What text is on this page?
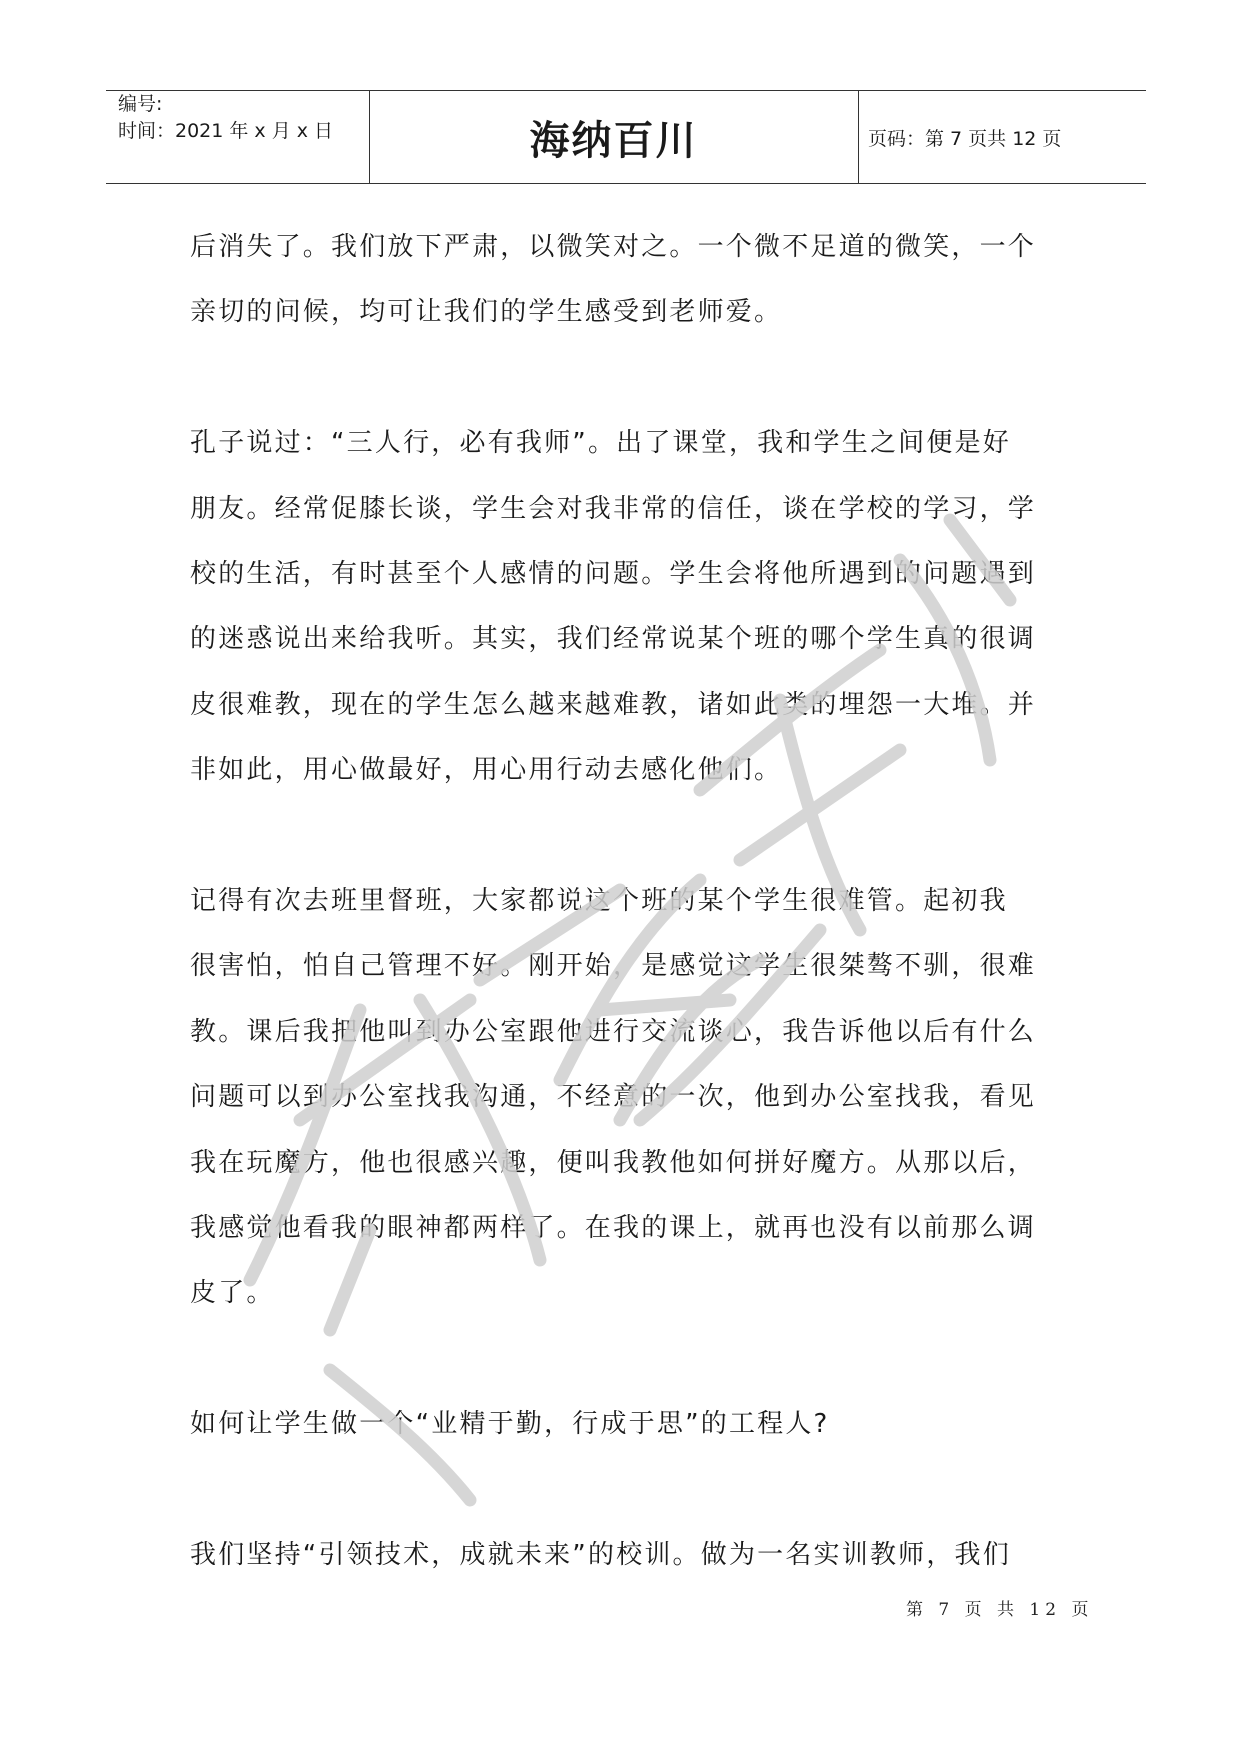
编号:
时间：2021 年 x 月 x 日	海纳百川	页码：第 7 页共 12 页

后消失了。我们放下严肃，以微笑对之。一个微不足道的微笑，一个

亲切的问候，均可让我们的学生感受到老师爱。

孔子说过：“三人行，必有我师”。出了课堂，我和学生之间便是好

朋友。经常促膝长谈，学生会对我非常的信任，谈在学校的学习，学

校的生活，有时甚至个人感情的问题。学生会将他所遇到的问题遇到

的迷惑说出来给我听。其实，我们经常说某个班的哪个学生真的很调

皮很难教，现在的学生怎么越来越难教，诸如此类的埋怨一大堆。并

非如此，用心做最好，用心用行动去感化他们。

记得有次去班里督班，大家都说这个班的某个学生很难管。起初我

很害怕，怕自己管理不好。刚开始，是感觉这学生很桀骜不驯，很难

教。课后我把他叫到办公室跟他进行交流谈心，我告诉他以后有什么

问题可以到办公室找我沟通，不经意的一次，他到办公室找我，看见

我在玩魔方，他也很感兴趣，便叫我教他如何拼好魔方。从那以后，

我感觉他看我的眼神都两样了。在我的课上，就再也没有以前那么调

皮了。

如何让学生做一个“业精于勤，行成于思”的工程人?

我们坚持“引领技术，成就未来”的校训。做为一名实训教师，我们

第 7 页 共 12 页
